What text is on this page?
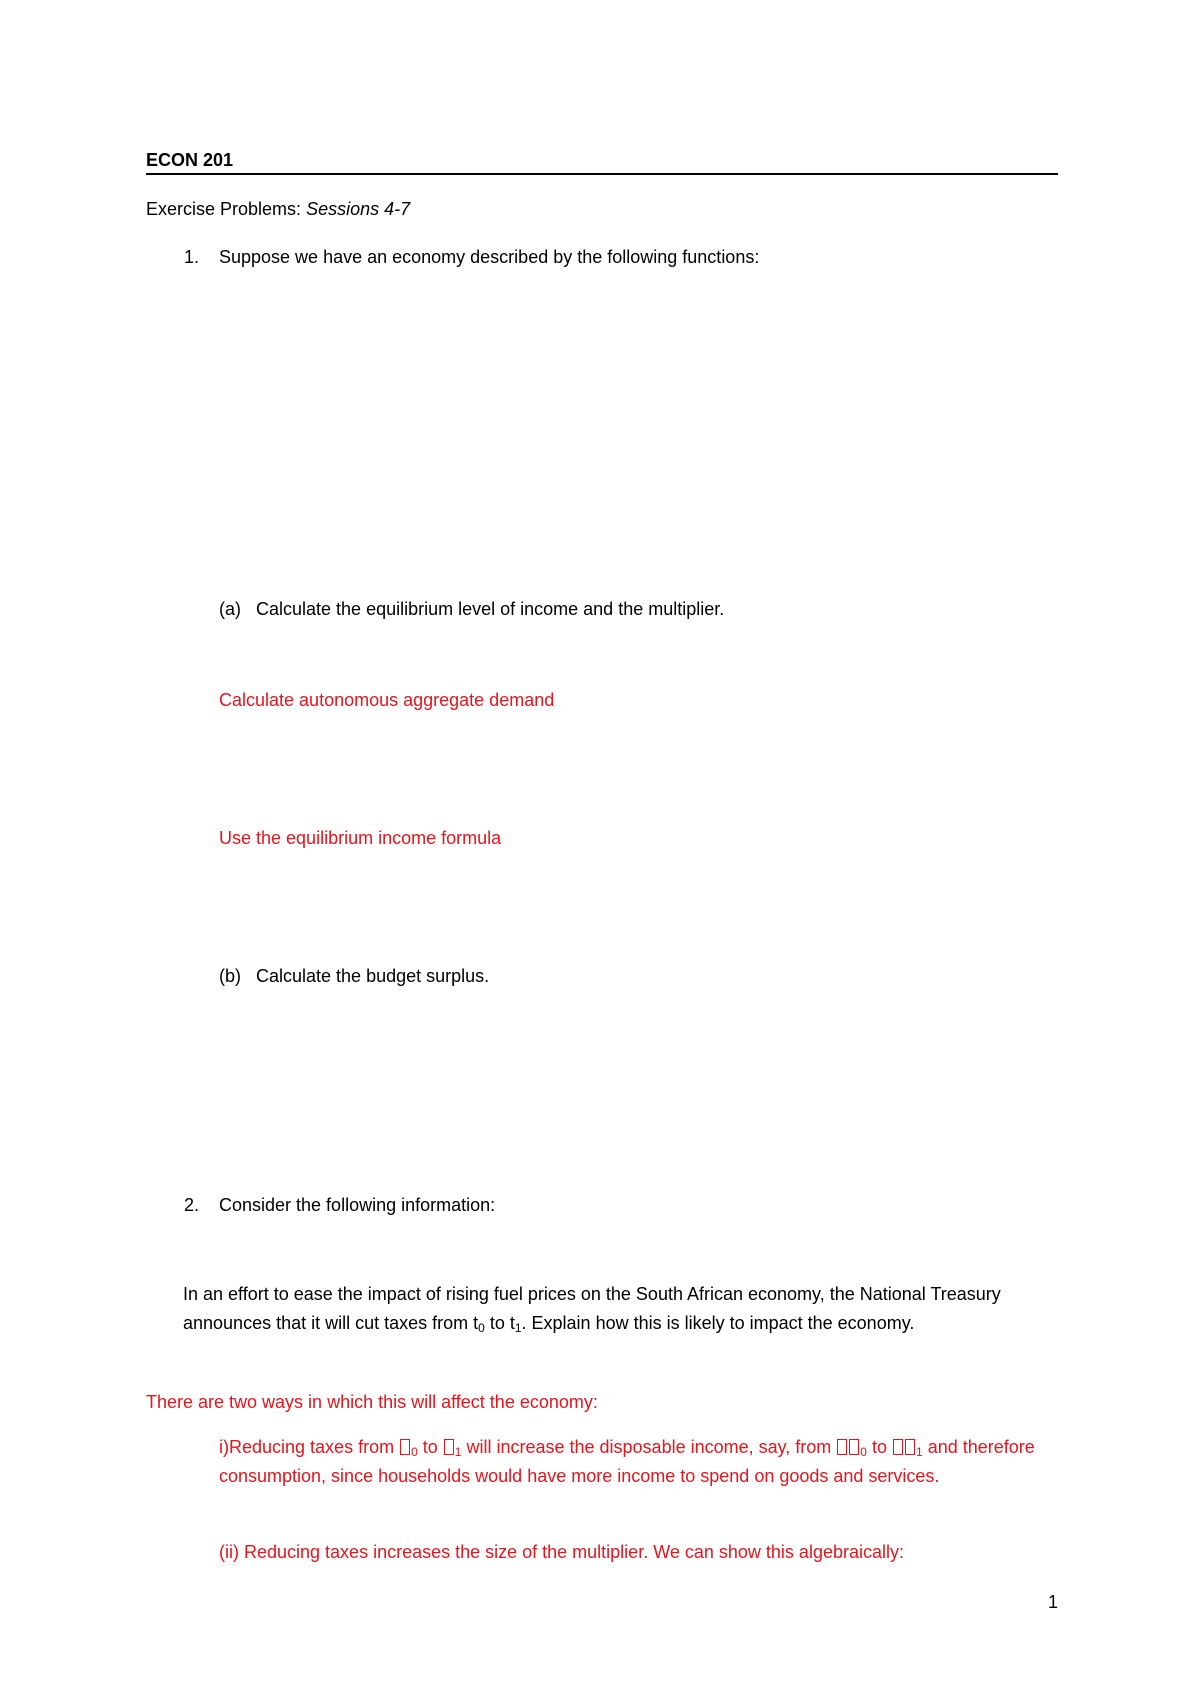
ECON 201
Exercise Problems: Sessions 4-7
1. Suppose we have an economy described by the following functions:
(a) Calculate the equilibrium level of income and the multiplier.
Calculate autonomous aggregate demand
Use the equilibrium income formula
(b) Calculate the budget surplus.
2. Consider the following information:
In an effort to ease the impact of rising fuel prices on the South African economy, the National Treasury announces that it will cut taxes from $t_0$ to $t_1$. Explain how this is likely to impact the economy.
There are two ways in which this will affect the economy:
i)Reducing taxes from $_0$ to $_1$ will increase the disposable income, say, from $_0$ to $_1$ and therefore consumption, since households would have more income to spend on goods and services.
(ii) Reducing taxes increases the size of the multiplier. We can show this algebraically:
1
